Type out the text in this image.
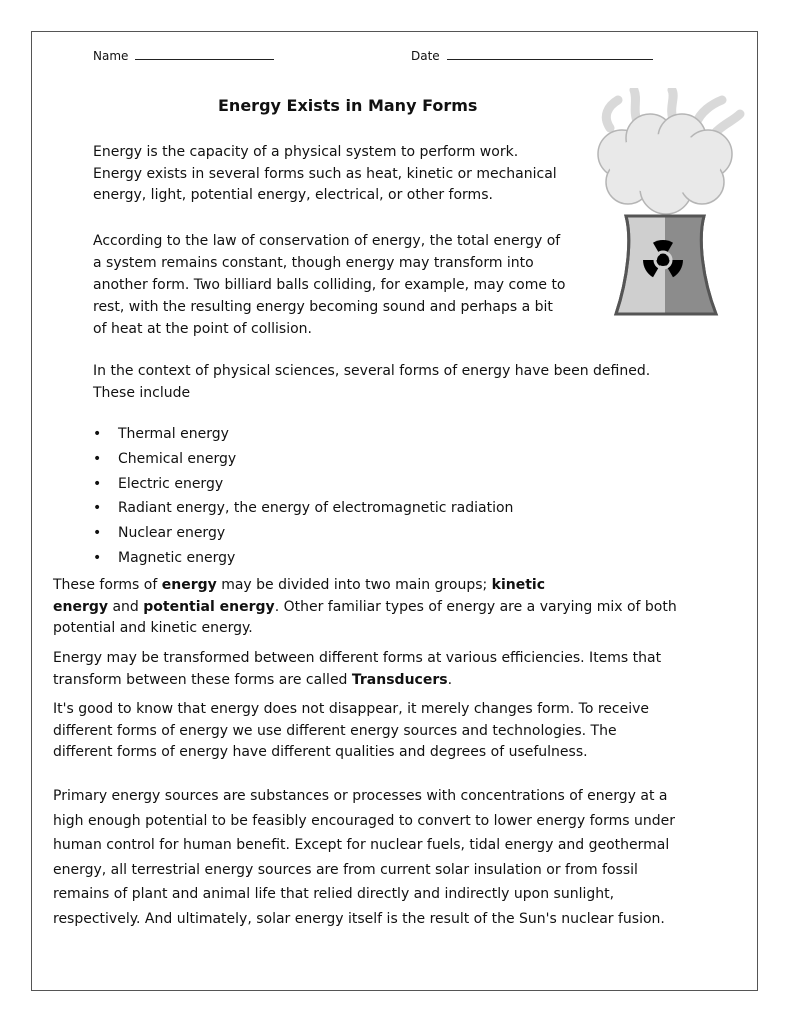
Name	Date
Energy Exists in Many Forms
Energy is the capacity of a physical system to perform work.
Energy exists in several forms such as heat, kinetic or mechanical
energy, light, potential energy, electrical, or other forms.
According to the law of conservation of energy, the total energy of
a system remains constant, though energy may transform into
another form. Two billiard balls colliding, for example, may come to
rest, with the resulting energy becoming sound and perhaps a bit
of heat at the point of collision.
In the context of physical sciences, several forms of energy have been defined.
These include
• Thermal energy
• Chemical energy
• Electric energy
• Radiant energy, the energy of electromagnetic radiation
• Nuclear energy
• Magnetic energy
These forms of energy may be divided into two main groups; kinetic
energy and potential energy. Other familiar types of energy are a varying mix of both
potential and kinetic energy.
Energy may be transformed between different forms at various efficiencies. Items that
transform between these forms are called Transducers.
It's good to know that energy does not disappear, it merely changes form. To receive
different forms of energy we use different energy sources and technologies. The
different forms of energy have different qualities and degrees of usefulness.
Primary energy sources are substances or processes with concentrations of energy at a
high enough potential to be feasibly encouraged to convert to lower energy forms under
human control for human benefit. Except for nuclear fuels, tidal energy and geothermal
energy, all terrestrial energy sources are from current solar insulation or from fossil
remains of plant and animal life that relied directly and indirectly upon sunlight,
respectively. And ultimately, solar energy itself is the result of the Sun's nuclear fusion.
